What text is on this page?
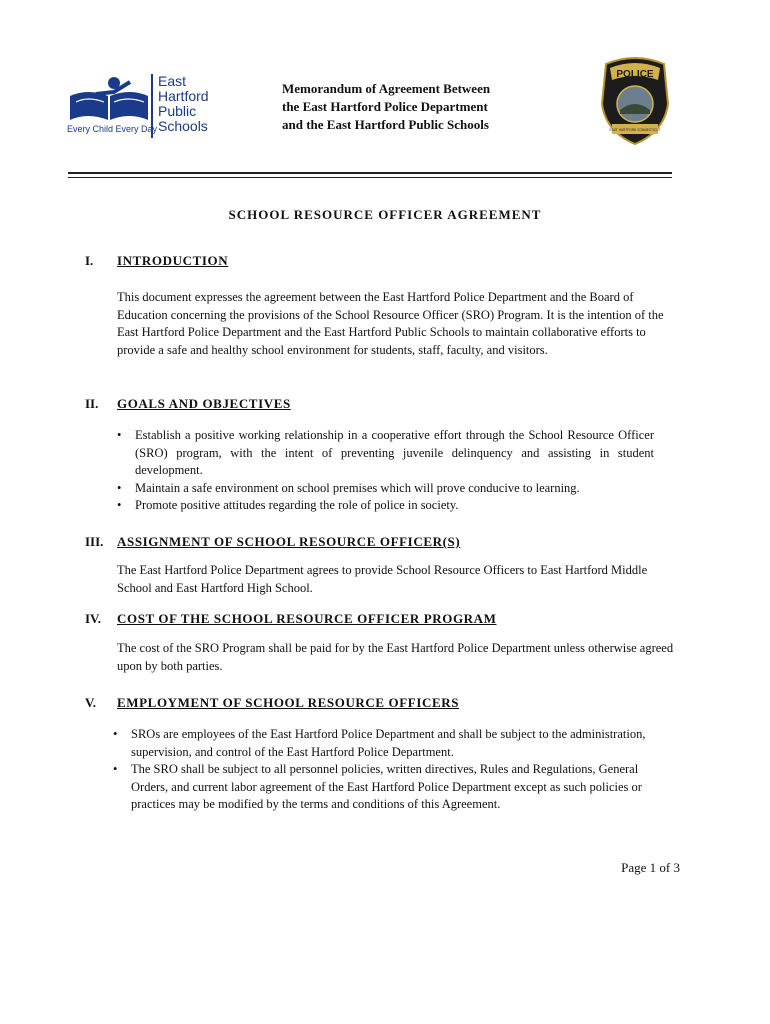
East
Hartford
Public
Schools
Every Child Every Day
Memorandum of Agreement Between
the East Hartford Police Department
and the East Hartford Public Schools
POLICE
EAST HARTFORD CONNECTICUT
SCHOOL RESOURCE OFFICER AGREEMENT
I. INTRODUCTION
This document expresses the agreement between the East Hartford Police Department and the Board of Education concerning the provisions of the School Resource Officer (SRO) Program. It is the intention of the East Hartford Police Department and the East Hartford Public Schools to maintain collaborative efforts to provide a safe and healthy school environment for students, staff, faculty, and visitors.
II. GOALS AND OBJECTIVES
• Establish a positive working relationship in a cooperative effort through the School Resource Officer (SRO) program, with the intent of preventing juvenile delinquency and assisting in student development.
• Maintain a safe environment on school premises which will prove conducive to learning.
• Promote positive attitudes regarding the role of police in society.
III. ASSIGNMENT OF SCHOOL RESOURCE OFFICER(S)
The East Hartford Police Department agrees to provide School Resource Officers to East Hartford Middle School and East Hartford High School.
IV. COST OF THE SCHOOL RESOURCE OFFICER PROGRAM
The cost of the SRO Program shall be paid for by the East Hartford Police Department unless otherwise agreed upon by both parties.
V. EMPLOYMENT OF SCHOOL RESOURCE OFFICERS
• SROs are employees of the East Hartford Police Department and shall be subject to the administration, supervision, and control of the East Hartford Police Department.
• The SRO shall be subject to all personnel policies, written directives, Rules and Regulations, General Orders, and current labor agreement of the East Hartford Police Department except as such policies or practices may be modified by the terms and conditions of this Agreement.
Page 1 of 3
